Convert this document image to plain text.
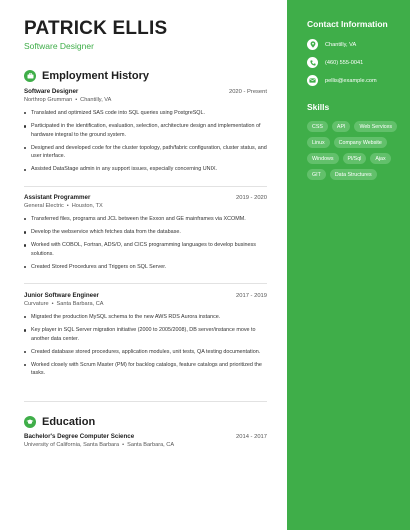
PATRICK ELLIS
Software Designer
Employment History
Software Designer	2020 - Present
Northrop Grumman • Chantilly, VA
Translated and optimized SAS code into SQL queries using PostgreSQL.
Participated in the identification, evaluation, selection, architecture design and implementation of hardware integral to the ground system.
Designed and developed code for the cluster topology, path/fabric configuration, cluster status, and user interface.
Assisted DataStage admin in any support issues, especially concerning UNIX.
Assistant Programmer	2019 - 2020
General Electric • Houston, TX
Transferred files, programs and JCL between the Exxon and GE mainframes via XCOMM.
Develop the webservice which fetches data from the database.
Worked with COBOL, Fortran, ADS/O, and CICS programming languages to develop business solutions.
Created Stored Procedures and Triggers on SQL Server.
Junior Software Engineer	2017 - 2019
Curvature • Santa Barbara, CA
Migrated the production MySQL schema to the new AWS RDS Aurora instance.
Key player in SQL Server migration initiative (2000 to 2005/2008), DB server/instance move to another data center.
Created database stored procedures, application modules, unit tests, QA testing documentation.
Worked closely with Scrum Master (PM) for backlog catalogs, feature catalogs and prioritized the tasks.
Education
Bachelor's Degree Computer Science	2014 - 2017
University of California, Santa Barbara • Santa Barbara, CA
Contact Information
Chantilly, VA
(460) 555-0041
pellis@example.com
Skills
CSS	API	Web Services
Linux	Company Website
Windows	Pl/Sql	Ajax
GIT	Data Structures
